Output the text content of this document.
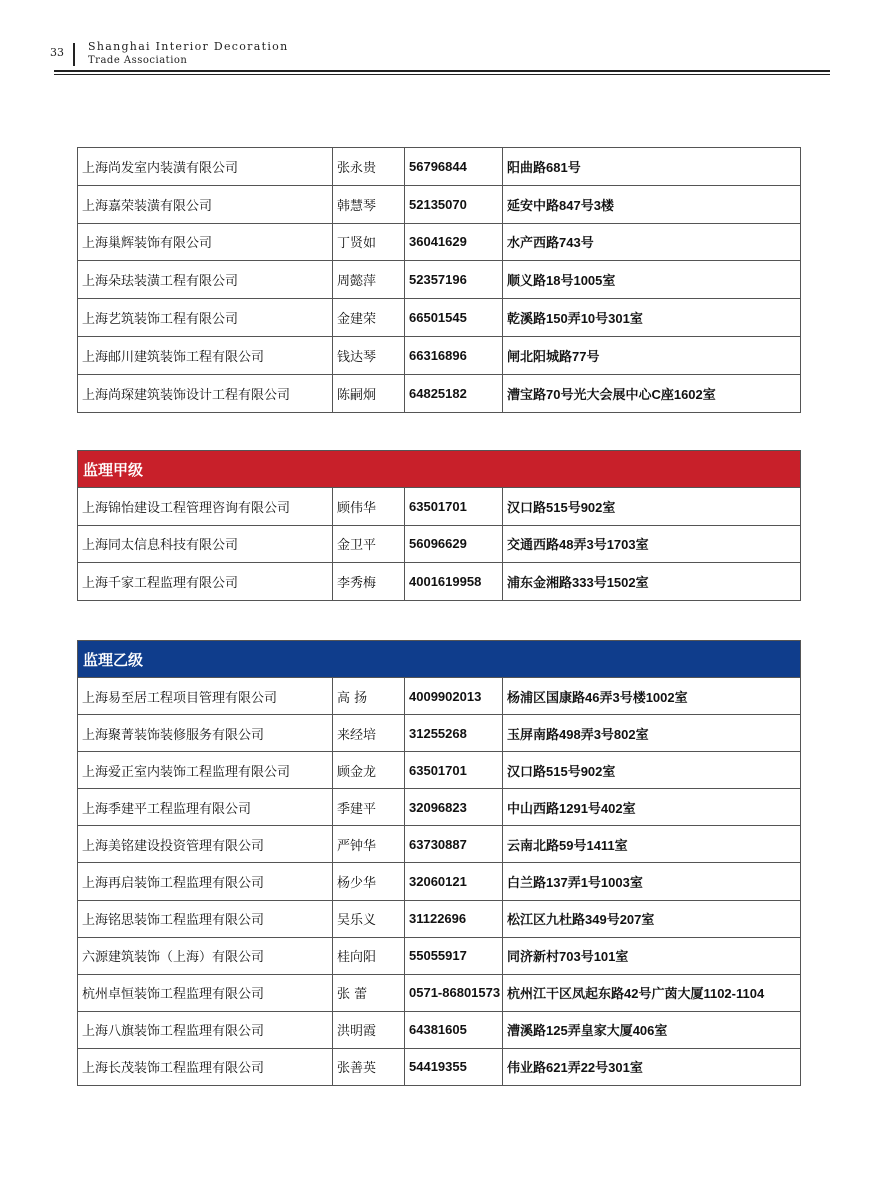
33 Shanghai Interior Decoration
Trade Association
上海尚发室内装潢有限公司	张永贵	56796844	阳曲路681号
上海嘉荣装潢有限公司	韩慧琴	52135070	延安中路847号3楼
上海巢辉装饰有限公司	丁贤如	36041629	水产西路743号
上海朵珐装潢工程有限公司	周懿萍	52357196	顺义路18号1005室
上海艺筑装饰工程有限公司	金建荣	66501545	乾溪路150弄10号301室
上海邮川建筑装饰工程有限公司	钱达琴	66316896	闸北阳城路77号
上海尚琛建筑装饰设计工程有限公司	陈嗣炯	64825182	漕宝路70号光大会展中心C座1602室
监理甲级			
上海锦怡建设工程管理咨询有限公司	顾伟华	63501701	汉口路515号902室
上海同太信息科技有限公司	金卫平	56096629	交通西路48弄3号1703室
上海千家工程监理有限公司	李秀梅	4001619958	浦东金湘路333号1502室
监理乙级			
上海易至居工程项目管理有限公司	高 扬	4009902013	杨浦区国康路46弄3号楼1002室
上海聚菁装饰装修服务有限公司	来经培	31255268	玉屏南路498弄3号802室
上海爱正室内装饰工程监理有限公司	顾金龙	63501701	汉口路515号902室
上海季建平工程监理有限公司	季建平	32096823	中山西路1291号402室
上海美铭建设投资管理有限公司	严钟华	63730887	云南北路59号1411室
上海再启装饰工程监理有限公司	杨少华	32060121	白兰路137弄1号1003室
上海铭思装饰工程监理有限公司	吴乐义	31122696	松江区九杜路349号207室
六源建筑装饰（上海）有限公司	桂向阳	55055917	同济新村703号101室
杭州卓恒装饰工程监理有限公司	张 蕾	0571-86801573	杭州江干区凤起东路42号广茵大厦1102-1104
上海八旗装饰工程监理有限公司	洪明霞	64381605	漕溪路125弄皇家大厦406室
上海长茂装饰工程监理有限公司	张善英	54419355	伟业路621弄22号301室
